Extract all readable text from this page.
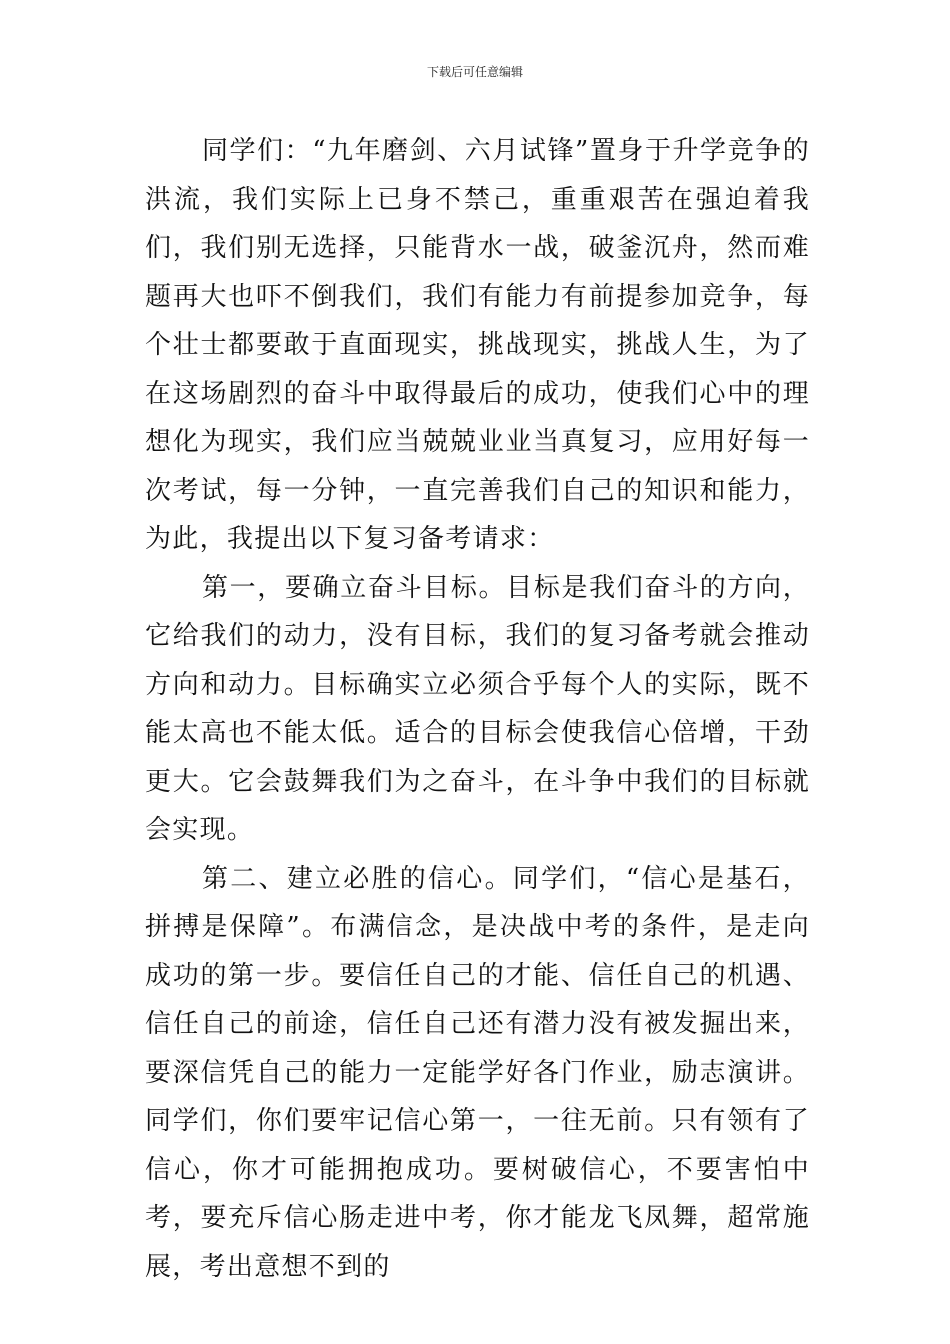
下载后可任意编辑

同学们：“九年磨剑、六月试锋”置身于升学竞争的洪流，我们实际上已身不禁己，重重艰苦在强迫着我们，我们别无选择，只能背水一战，破釜沉舟，然而难题再大也吓不倒我们，我们有能力有前提参加竞争，每个壮士都要敢于直面现实，挑战现实，挑战人生，为了在这场剧烈的奋斗中取得最后的成功，使我们心中的理想化为现实，我们应当兢兢业业当真复习，应用好每一次考试，每一分钟，一直完善我们自己的知识和能力，为此，我提出以下复习备考请求：

第一，要确立奋斗目标。目标是我们奋斗的方向，它给我们的动力，没有目标，我们的复习备考就会推动方向和动力。目标确实立必须合乎每个人的实际，既不能太高也不能太低。适合的目标会使我信心倍增，干劲更大。它会鼓舞我们为之奋斗，在斗争中我们的目标就会实现。

第二、建立必胜的信心。同学们，“信心是基石，拼搏是保障”。布满信念，是决战中考的条件，是走向成功的第一步。要信任自己的才能、信任自己的机遇、信任自己的前途，信任自己还有潜力没有被发掘出来，要深信凭自己的能力一定能学好各门作业，励志演讲。同学们，你们要牢记信心第一，一往无前。只有领有了信心，你才可能拥抱成功。要树破信心，不要害怕中考，要充斥信心肠走进中考，你才能龙飞凤舞，超常施展，考出意想不到的
